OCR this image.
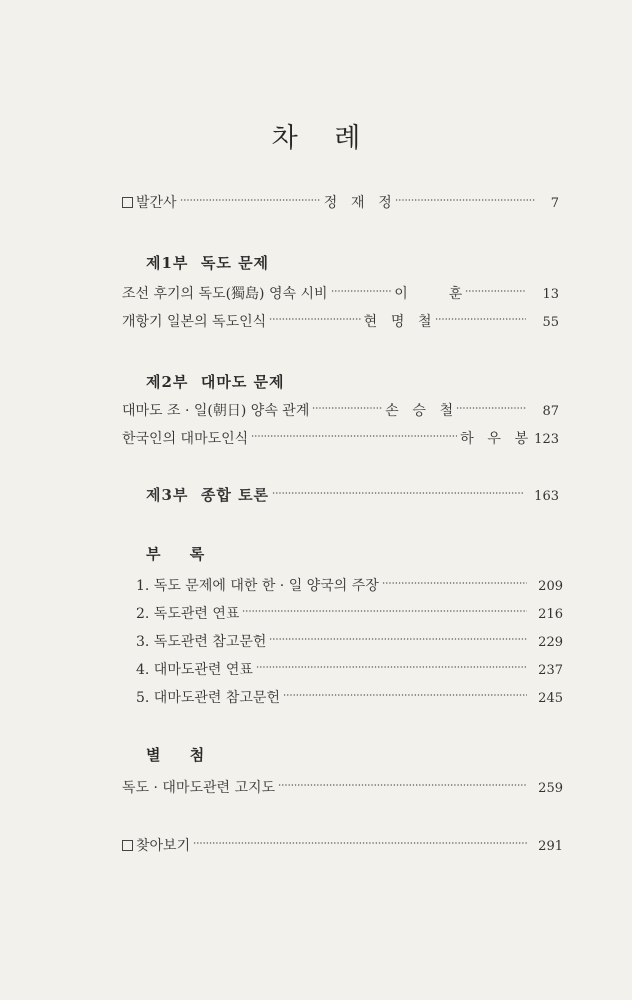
차 례
발간사	정 재 정	7
제1부  독도 문제
조선 후기의 독도(獨島) 영속 시비	이	훈	13
개항기 일본의 독도인식	현 명 철	55
제2부  대마도 문제
대마도 조 · 일(朝日) 양속 관계	손 승 철	87
한국인의 대마도인식	하 우 봉 123
제3부  종합 토론	163
부 록
1. 독도 문제에 대한 한 · 일 양국의 주장	209
2. 독도관련 연표	216
3. 독도관련 참고문헌	229
4. 대마도관련 연표	237
5. 대마도관련 참고문헌	245
별 첨
독도 · 대마도관련 고지도	259
찾아보기	291
